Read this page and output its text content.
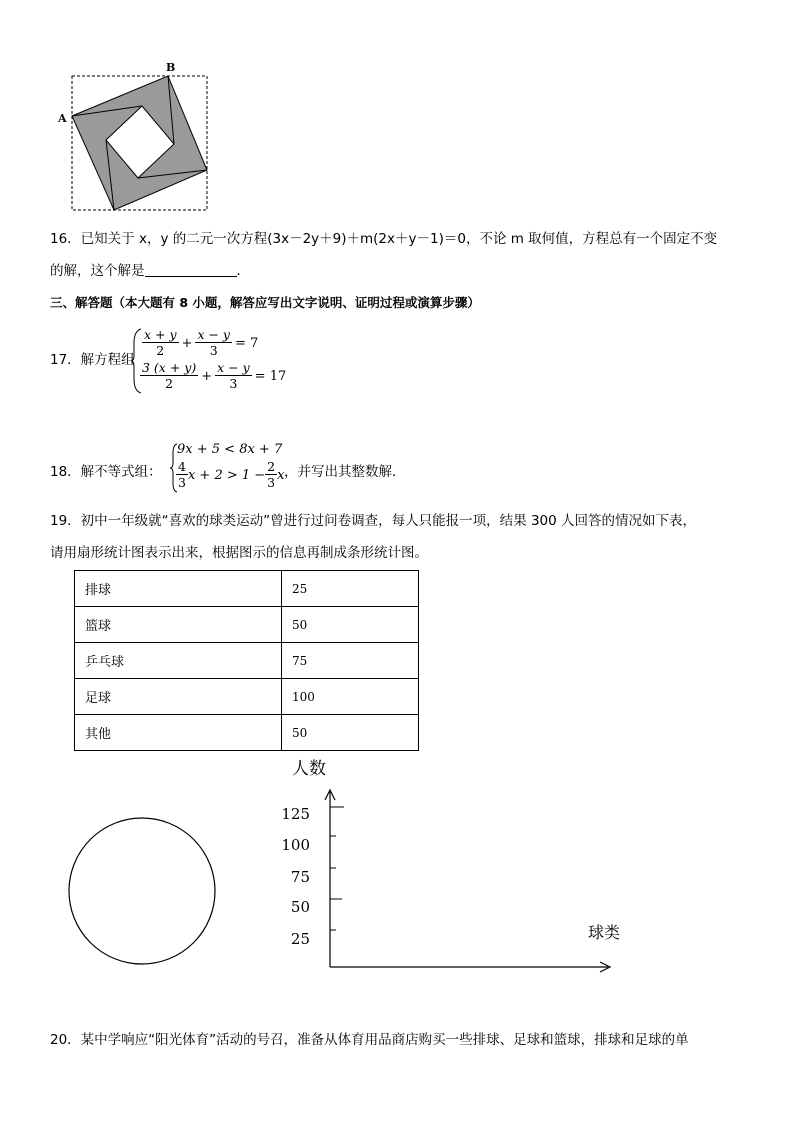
A
B
16．已知关于 x，y 的二元一次方程(3x－2y＋9)＋m(2x＋y－1)＝0，不论 m 取何值，方程总有一个固定不变
的解，这个解是	．
三、解答题（本大题有 8 小题，解答应写出文字说明、证明过程或演算步骤）
17．解方程组
$\frac{x + y}{2} + \frac{x - y}{3} = 7$
$\frac{3 (x + y)}{2} + \frac{x - y}{3} = 17$
18．解不等式组：
9x + 5 < 8x + 7
$\frac{4}{3}$ $x + 2 > 1 - \frac{2}{3}$ x ，并写出其整数解．
19．初中一年级就“喜欢的球类运动”曾进行过问卷调查，每人只能报一项，结果 300 人回答的情况如下表，
请用扇形统计图表示出来，根据图示的信息再制成条形统计图。
排球	25
篮球	50
乒乓球	75
足球	100
其他	50
人数
125
100
75
50
25	球类
20．某中学响应“阳光体育”活动的号召，准备从体育用品商店购买一些排球、足球和篮球，排球和足球的单
